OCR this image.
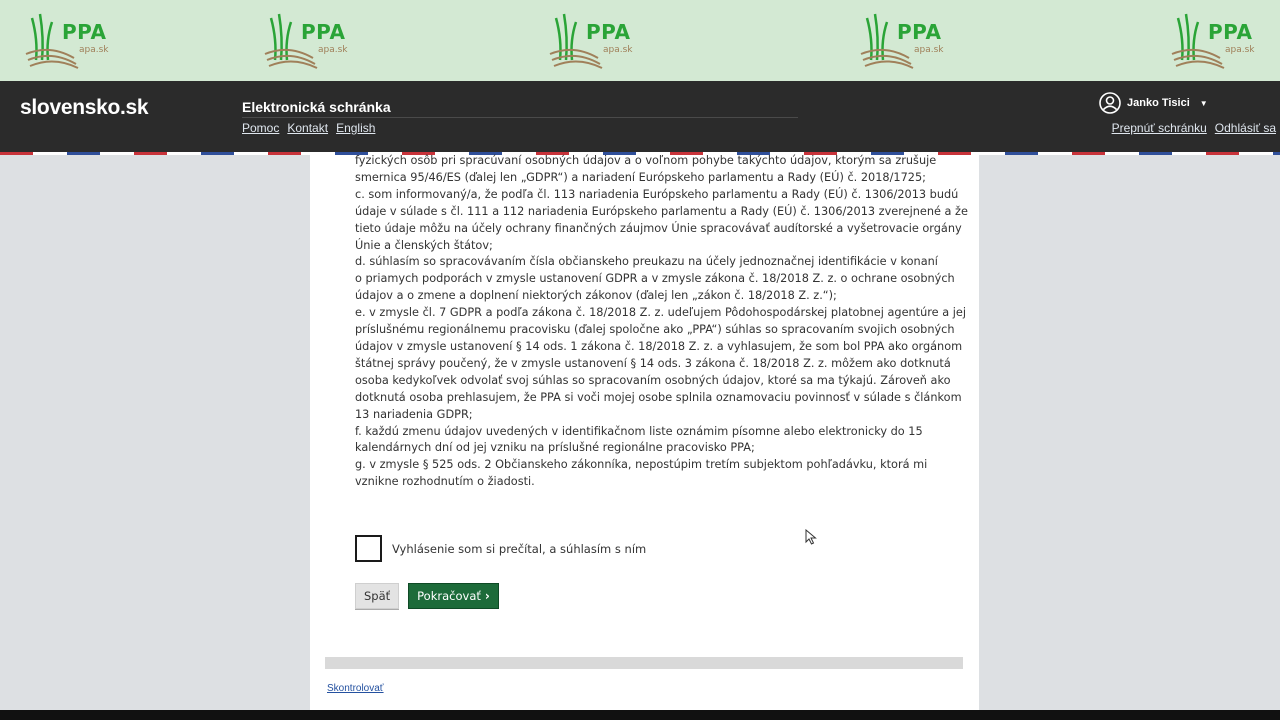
PPA
apa.sk
PPA
apa.sk
PPA
apa.sk
PPA
apa.sk
PPA
apa.sk
slovensko.sk	Elektronická schránka
Pomoc Kontakt English
Janko Tisici ▼
Prepnúť schránku Odhlásiť sa

fyzických osôb pri spracúvaní osobných údajov a o voľnom pohybe takýchto údajov, ktorým sa zrušuje

smernica 95/46/ES (ďalej len „GDPR“) a nariadení Európskeho parlamentu a Rady (EÚ) č. 2018/1725;

c. som informovaný/a, že podľa čl. 113 nariadenia Európskeho parlamentu a Rady (EÚ) č. 1306/2013 budú

údaje v súlade s čl. 111 a 112 nariadenia Európskeho parlamentu a Rady (EÚ) č. 1306/2013 zverejnené a že

tieto údaje môžu na účely ochrany finančných záujmov Únie spracovávať audítorské a vyšetrovacie orgány

Únie a členských štátov;

d. súhlasím so spracovávaním čísla občianskeho preukazu na účely jednoznačnej identifikácie v konaní

o priamych podporách v zmysle ustanovení GDPR a v zmysle zákona č. 18/2018 Z. z. o ochrane osobných

údajov a o zmene a doplnení niektorých zákonov (ďalej len „zákon č. 18/2018 Z. z.“);

e. v zmysle čl. 7 GDPR a podľa zákona č. 18/2018 Z. z. udeľujem Pôdohospodárskej platobnej agentúre a jej

príslušnému regionálnemu pracovisku (ďalej spoločne ako „PPA“) súhlas so spracovaním svojich osobných

údajov v zmysle ustanovení § 14 ods. 1 zákona č. 18/2018 Z. z. a vyhlasujem, že som bol PPA ako orgánom

štátnej správy poučený, že v zmysle ustanovení § 14 ods. 3 zákona č. 18/2018 Z. z. môžem ako dotknutá

osoba kedykoľvek odvolať svoj súhlas so spracovaním osobných údajov, ktoré sa ma týkajú. Zároveň ako

dotknutá osoba prehlasujem, že PPA si voči mojej osobe splnila oznamovaciu povinnosť v súlade s článkom

13 nariadenia GDPR;

f. každú zmenu údajov uvedených v identifikačnom liste oznámim písomne alebo elektronicky do 15

kalendárnych dní od jej vzniku na príslušné regionálne pracovisko PPA;

g. v zmysle § 525 ods. 2 Občianskeho zákonníka, nepostúpim tretím subjektom pohľadávku, ktorá mi

vznikne rozhodnutím o žiadosti.

Vyhlásenie som si prečítal, a súhlasím s ním
Späť	Pokračovať ›
Skontrolovať
